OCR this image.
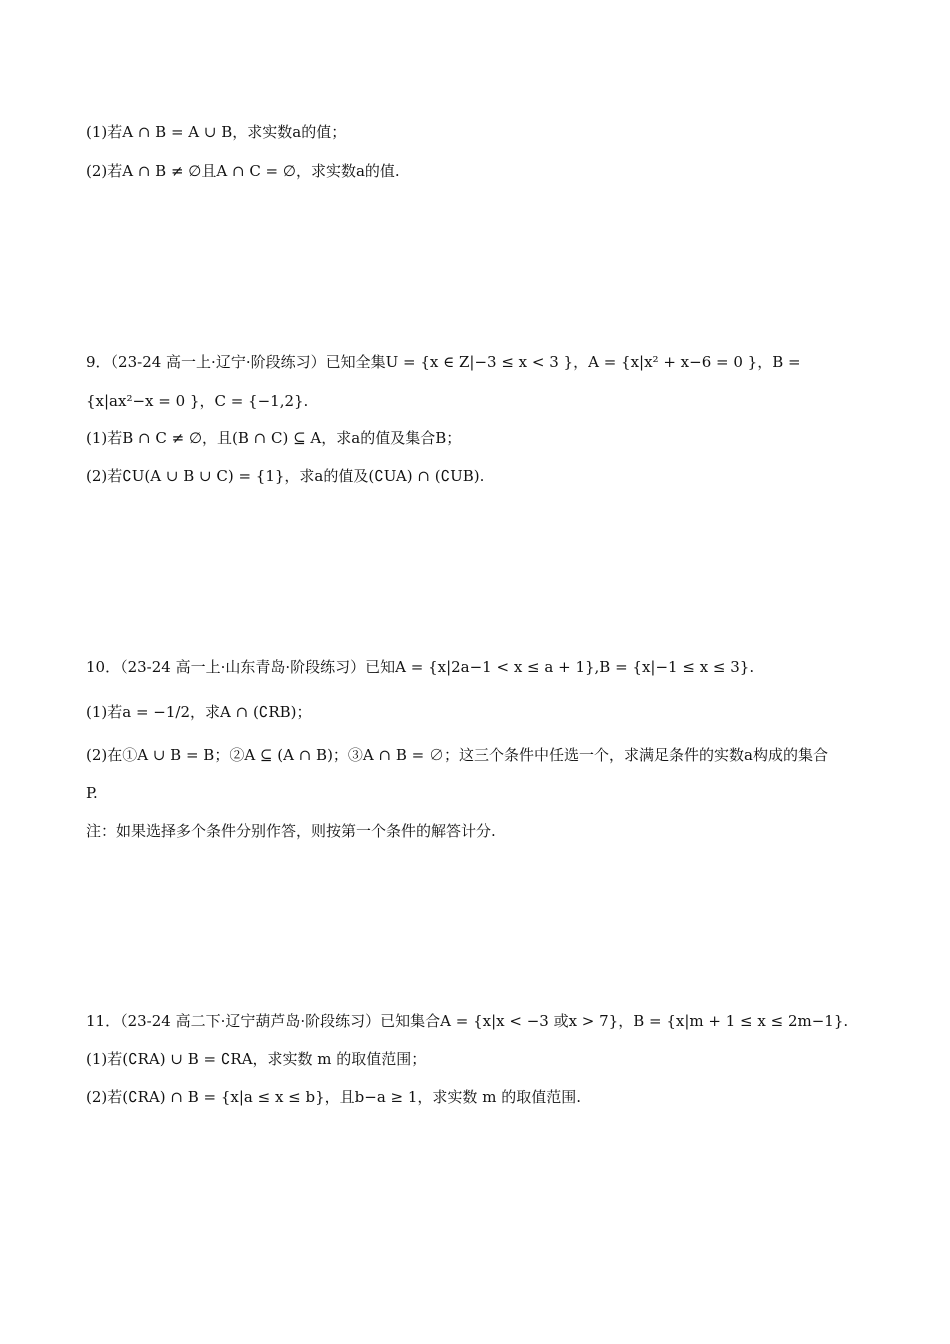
(1)若A ∩ B = A ∪ B，求实数a的值；
(2)若A ∩ B ≠ ∅且A ∩ C = ∅，求实数a的值.
9．（23-24 高一上·辽宁·阶段练习）已知全集U = {x ∈ Z|−3 ≤ x < 3 }，A = {x|x² + x−6 = 0 }，B =
{x|ax²−x = 0 }，C = {−1,2}.
(1)若B ∩ C ≠ ∅，且(B ∩ C) ⊆ A，求a的值及集合B；
(2)若∁U(A ∪ B ∪ C) = {1}，求a的值及(∁UA) ∩ (∁UB).
10．（23-24 高一上·山东青岛·阶段练习）已知A = {x|2a−1 < x ≤ a + 1},B = {x|−1 ≤ x ≤ 3}.
(1)若a = −1/2，求A ∩ (∁RB)；
(2)在①A ∪ B = B；②A ⊆ (A ∩ B)；③A ∩ B = ∅；这三个条件中任选一个，求满足条件的实数a构成的集合
P.
注：如果选择多个条件分别作答，则按第一个条件的解答计分.
11．（23-24 高二下·辽宁葫芦岛·阶段练习）已知集合A = {x|x < −3 或x > 7}，B = {x|m + 1 ≤ x ≤ 2m−1}.
(1)若(∁RA) ∪ B = ∁RA，求实数 m 的取值范围；
(2)若(∁RA) ∩ B = {x|a ≤ x ≤ b}，且b−a ≥ 1，求实数 m 的取值范围.
